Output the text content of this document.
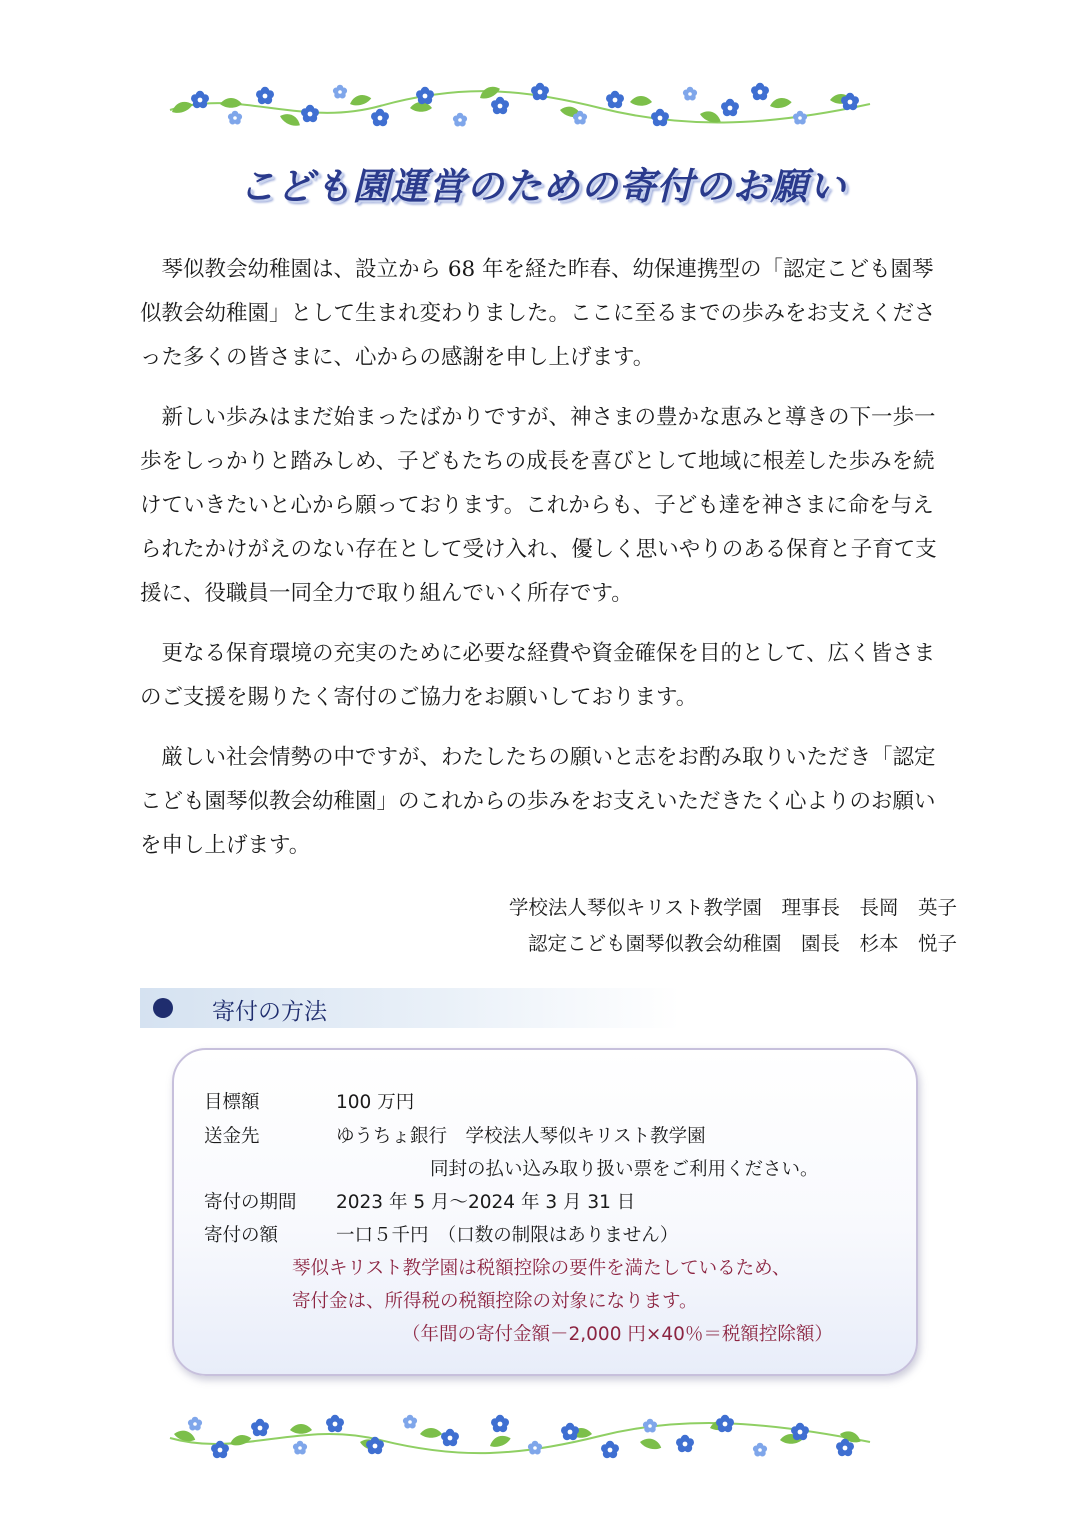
こども園運営のための寄付のお願い

琴似教会幼稚園は、設立から 68 年を経た昨春、幼保連携型の「認定こども園琴似教会幼稚園」として生まれ変わりました。ここに至るまでの歩みをお支えくださった多くの皆さまに、心からの感謝を申し上げます。

新しい歩みはまだ始まったばかりですが、神さまの豊かな恵みと導きの下一歩一歩をしっかりと踏みしめ、子どもたちの成長を喜びとして地域に根差した歩みを続けていきたいと心から願っております。これからも、子ども達を神さまに命を与えられたかけがえのない存在として受け入れ、優しく思いやりのある保育と子育て支援に、役職員一同全力で取り組んでいく所存です。

更なる保育環境の充実のために必要な経費や資金確保を目的として、広く皆さまのご支援を賜りたく寄付のご協力をお願いしております。

厳しい社会情勢の中ですが、わたしたちの願いと志をお酌み取りいただき「認定こども園琴似教会幼稚園」のこれからの歩みをお支えいただきたく心よりのお願いを申し上げます。

学校法人琴似キリスト教学園　理事長　長岡　英子
認定こども園琴似教会幼稚園　園長　杉本　悦子
寄付の方法
目標額	100 万円
送金先	ゆうちょ銀行　学校法人琴似キリスト教学園
同封の払い込み取り扱い票をご利用ください。
寄付の期間 2023 年 5 月～2024 年 3 月 31 日
寄付の額	一口５千円　（口数の制限はありません）
琴似キリスト教学園は税額控除の要件を満たしているため、
寄付金は、所得税の税額控除の対象になります。
（年間の寄付金額－2,000 円×40％＝税額控除額）
